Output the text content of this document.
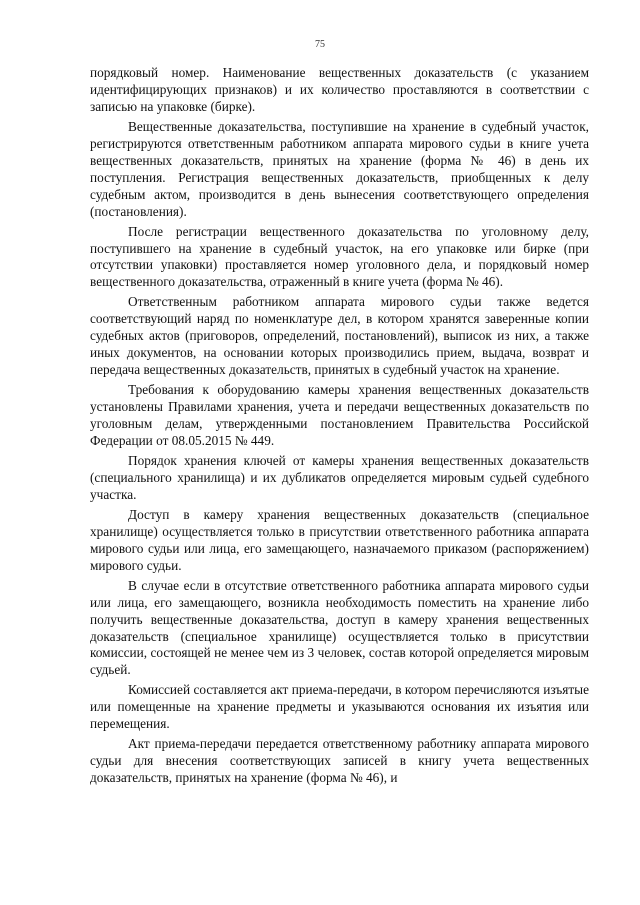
75

порядковый номер. Наименование вещественных доказательств (с указанием идентифицирующих признаков) и их количество проставляются в соответствии с записью на упаковке (бирке).

Вещественные доказательства, поступившие на хранение в судебный участок, регистрируются ответственным работником аппарата мирового судьи в книге учета вещественных доказательств, принятых на хранение (форма № 46) в день их поступления. Регистрация вещественных доказательств, приобщенных к делу судебным актом, производится в день вынесения соответствующего определения (постановления).

После регистрации вещественного доказательства по уголовному делу, поступившего на хранение в судебный участок, на его упаковке или бирке (при отсутствии упаковки) проставляется номер уголовного дела, и порядковый номер вещественного доказательства, отраженный в книге учета (форма № 46).

Ответственным работником аппарата мирового судьи также ведется соответствующий наряд по номенклатуре дел, в котором хранятся заверенные копии судебных актов (приговоров, определений, постановлений), выписок из них, а также иных документов, на основании которых производились прием, выдача, возврат и передача вещественных доказательств, принятых в судебный участок на хранение.

Требования к оборудованию камеры хранения вещественных доказательств установлены Правилами хранения, учета и передачи вещественных доказательств по уголовным делам, утвержденными постановлением Правительства Российской Федерации от 08.05.2015 № 449.

Порядок хранения ключей от камеры хранения вещественных доказательств (специального хранилища) и их дубликатов определяется мировым судьей судебного участка.

Доступ в камеру хранения вещественных доказательств (специальное хранилище) осуществляется только в присутствии ответственного работника аппарата мирового судьи или лица, его замещающего, назначаемого приказом (распоряжением) мирового судьи.

В случае если в отсутствие ответственного работника аппарата мирового судьи или лица, его замещающего, возникла необходимость поместить на хранение либо получить вещественные доказательства, доступ в камеру хранения вещественных доказательств (специальное хранилище) осуществляется только в присутствии комиссии, состоящей не менее чем из 3 человек, состав которой определяется мировым судьей.

Комиссией составляется акт приема-передачи, в котором перечисляются изъятые или помещенные на хранение предметы и указываются основания их изъятия или перемещения.

Акт приема-передачи передается ответственному работнику аппарата мирового судьи для внесения соответствующих записей в книгу учета вещественных доказательств, принятых на хранение (форма № 46), и
